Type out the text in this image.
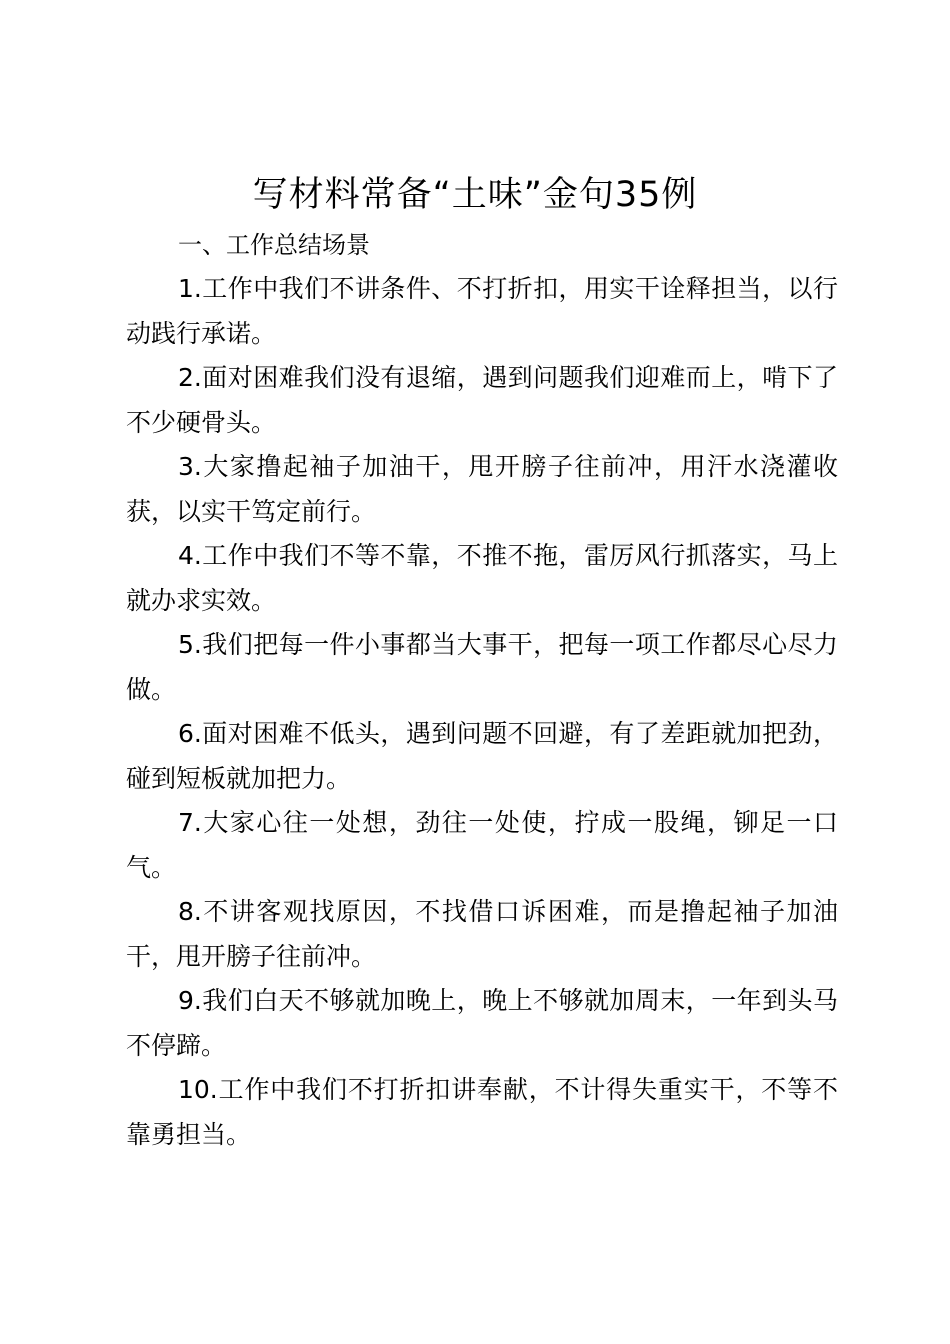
写材料常备“土味”金句35例

一、工作总结场景

1.工作中我们不讲条件、不打折扣，用实干诠释担当，以行动践行承诺。

2.面对困难我们没有退缩，遇到问题我们迎难而上，啃下了不少硬骨头。

3.大家撸起袖子加油干，甩开膀子往前冲，用汗水浇灌收获，以实干笃定前行。

4.工作中我们不等不靠，不推不拖，雷厉风行抓落实，马上就办求实效。

5.我们把每一件小事都当大事干，把每一项工作都尽心尽力做。

6.面对困难不低头，遇到问题不回避，有了差距就加把劲，碰到短板就加把力。

7.大家心往一处想，劲往一处使，拧成一股绳，铆足一口气。

8.不讲客观找原因，不找借口诉困难，而是撸起袖子加油干，甩开膀子往前冲。

9.我们白天不够就加晚上，晚上不够就加周末，一年到头马不停蹄。

10.工作中我们不打折扣讲奉献，不计得失重实干，不等不靠勇担当。
